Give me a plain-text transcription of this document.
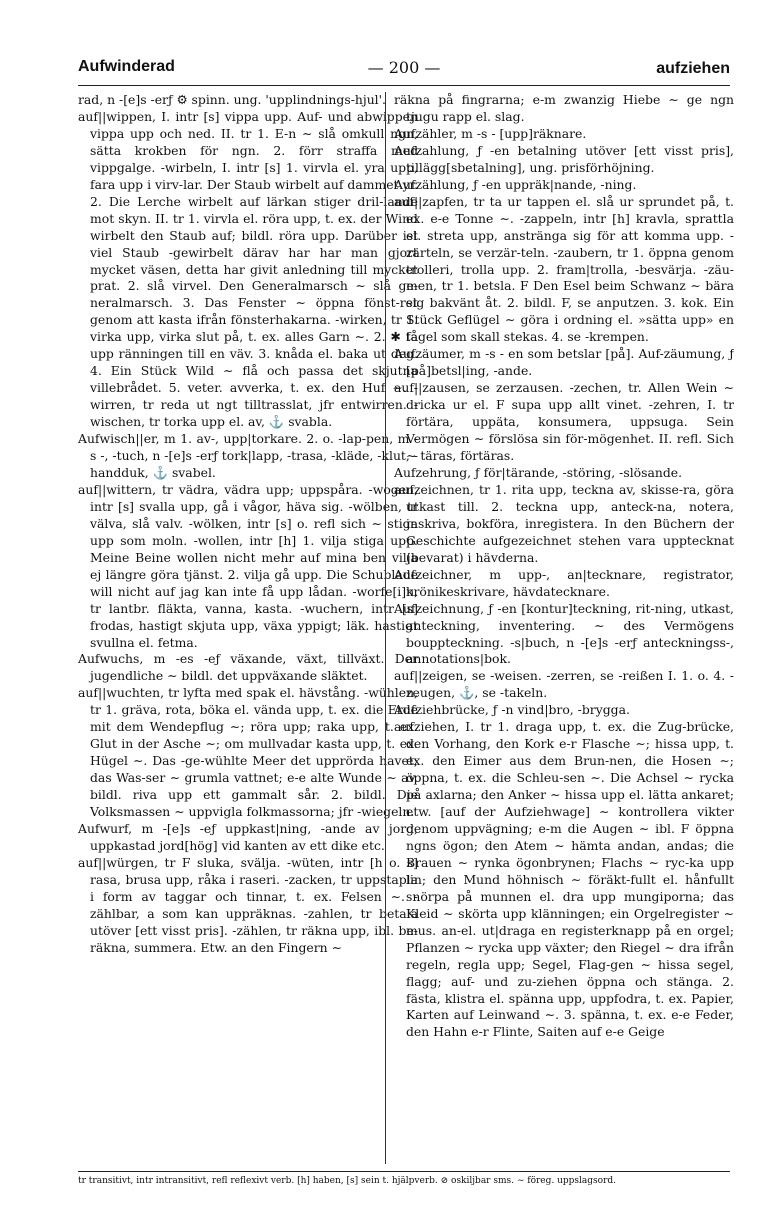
Aufwinderad	— 200 —	aufziehen

rad, n -[e]s -erƒ ⚙ spinn. ung. 'upplindnings-hjul'.

auf||wippen, I. intr [s] vippa upp. Auf- und abwippen vippa upp och ned. II. tr 1. E-n ∼ slå omkull ngn, sätta krokben för ngn. 2. förr straffa med vippgalge. -wirbeln, I. intr [s] 1. virvla el. yra upp, fara upp i virv-lar. Der Staub wirbelt auf dammet yr. 2. Die Lerche wirbelt auf lärkan stiger dril-lande mot skyn. II. tr 1. virvla el. röra upp, t. ex. der Wind wirbelt den Staub auf; bildl. röra upp. Darüber ist viel Staub -gewirbelt därav har har man gjort mycket väsen, detta har givit anledning till mycket prat. 2. slå virvel. Den Generalmarsch ∼ slå ge-neralmarsch. 3. Das Fenster ∼ öppna fönst-ret genom att kasta ifrån fönsterhakarna. -wirken, tr 1. virka upp, virka slut på, t. ex. alles Garn ∼. 2. ✱ ta upp ränningen till en väv. 3. knåda el. baka ut deg. 4. Ein Stück Wild ∼ flå och passa det skjutna villebrådet. 5. veter. avverka, t. ex. den Huf ∼. -wirren, tr reda ut ngt tilltrasslat, jfr entwirren. -wischen, tr torka upp el. av, ⚓ svabla.

Aufwisch||er, m 1. av-, upp|torkare. 2. o. -lap-pen, m -s -, -tuch, n -[e]s -erƒ tork|lapp, -trasa, -kläde, -klut, -handduk, ⚓ svabel.

auf||wittern, tr vädra, vädra upp; uppspåra. -wogen, intr [s] svalla upp, gå i vågor, häva sig. -wölben, tr välva, slå valv. -wölken, intr [s] o. refl sich ∼ stiga upp som moln. -wollen, intr [h] 1. vilja stiga upp. Meine Beine wollen nicht mehr auf mina ben vilja ej längre göra tjänst. 2. vilja gå upp. Die Schublade will nicht auf jag kan inte få upp lådan. -worfe[i]n, tr lantbr. fläkta, vanna, kasta. -wuchern, intr [s] frodas, hastigt skjuta upp, växa yppigt; läk. hastigt svullna el. fetma.

Aufwuchs, m -es -eƒ växande, växt, tillväxt. Der jugendliche ∼ bildl. det uppväxande släktet.

auf||wuchten, tr lyfta med spak el. hävstång. -wühlen, tr 1. gräva, rota, böka el. vända upp, t. ex. die Erde mit dem Wendepflug ∼; röra upp; raka upp, t. ex. Glut in der Asche ∼; om mullvadar kasta upp, t. ex. Hügel ∼. Das -ge-wühlte Meer det upprörda havet; das Was-ser ∼ grumla vattnet; e-e alte Wunde ∼ av. bildl. riva upp ett gammalt sår. 2. bildl. Die Volksmassen ∼ uppvigla folkmassorna; jfr -wiegeln.

Aufwurf, m -[e]s -eƒ uppkast|ning, -ande av jord, uppkastad jord[hög] vid kanten av ett dike etc.

auf||würgen, tr F sluka, svälja. -wüten, intr [h o. s] rasa, brusa upp, råka i raseri. -zacken, tr uppstapla i form av taggar och tinnar, t. ex. Felsen ∼. -zählbar, a som kan uppräknas. -zahlen, tr betala utöver [ett visst pris]. -zählen, tr räkna upp, ibl. be-räkna, summera. Etw. an den Fingern ∼

räkna på fingrarna; e-m zwanzig Hiebe ∼ ge ngn tjugu rapp el. slag.

Aufzähler, m -s - [upp]räknare.

Aufzahlung, ƒ -en betalning utöver [ett visst pris], tillägg[sbetalning], ung. prisförhöjning.

Aufzählung, ƒ -en uppräk|nande, -ning.

auf||zapfen, tr ta ur tappen el. slå ur sprundet på, t. ex. e-e Tonne ∼. -zappeln, intr [h] kravla, sprattla el. streta upp, anstränga sig för att komma upp. -zärteln, se verzär-teln. -zaubern, tr 1. öppna genom trolleri, trolla upp. 2. fram|trolla, -besvärja. -zäu-men, tr 1. betsla. F Den Esel beim Schwanz ∼ bära sig bakvänt åt. 2. bildl. F, se anputzen. 3. kok. Ein Stück Geflügel ∼ göra i ordning el. »sätta upp» en fågel som skall stekas. 4. se -krempen.

Aufzäumer, m -s - en som betslar [på]. Auf-zäumung, ƒ [på]betsl|ing, -ande.

auf||zausen, se zerzausen. -zechen, tr. Allen Wein ∼ dricka ur el. F supa upp allt vinet. -zehren, I. tr förtära, uppäta, konsumera, uppsuga. Sein Vermögen ∼ förslösa sin för-mögenhet. II. refl. Sich ∼ täras, förtäras.

Aufzehrung, ƒ för|tärande, -störing, -slösande.

aufzeichnen, tr 1. rita upp, teckna av, skisse-ra, göra utkast till. 2. teckna upp, anteck-na, notera, inskriva, bokföra, inregistera. In den Büchern der Geschichte aufgezeichnet stehen vara upptecknat (bevarat) i hävderna.

Aufzeichner, m upp-, an|tecknare, registrator, krönikeskrivare, hävdatecknare.

Aufzeichnung, ƒ -en [kontur]teckning, rit-ning, utkast, anteckning, inventering. ∼ des Vermögens bouppteckning. -s|buch, n -[e]s -erƒ anteckningss-, annotations|bok.

auf||zeigen, se -weisen. -zerren, se -reißen I. 1. o. 4. -zeugen, ⚓, se -takeln.

Aufziehbrücke, ƒ -n vind|bro, -brygga.

aufziehen, I. tr 1. draga upp, t. ex. die Zug-brücke, den Vorhang, den Kork e-r Flasche ∼; hissa upp, t. ex. den Eimer aus dem Brun-nen, die Hosen ∼; öppna, t. ex. die Schleu-sen ∼. Die Achsel ∼ rycka på axlarna; den Anker ∼ hissa upp el. lätta ankaret; etw. [auf der Aufziehwage] ∼ kontrollera vikter genom uppvägning; e-m die Augen ∼ ibl. F öppna ngns ögon; den Atem ∼ hämta andan, andas; die Brauen ∼ rynka ögonbrynen; Flachs ∼ ryc-ka upp lin; den Mund höhnisch ∼ föräkt-fullt el. hånfullt snörpa på munnen el. dra upp mungiporna; das Kleid ∼ skörta upp klänningen; ein Orgelregister ∼ mus. an-el. ut|draga en registerknapp på en orgel; Pflanzen ∼ rycka upp växter; den Riegel ∼ dra ifrån regeln, regla upp; Segel, Flag-gen ∼ hissa segel, flagg; auf- und zu-ziehen öppna och stänga. 2. fästa, klistra el. spänna upp, uppfodra, t. ex. Papier, Karten auf Leinwand ∼. 3. spänna, t. ex. e-e Feder, den Hahn e-r Flinte, Saiten auf e-e Geige

tr transitivt, intr intransitivt, refl reflexivt verb. [h] haben, [s] sein t. hjälpverb. ⊘ oskiljbar sms. ∼ föreg. uppslagsord.
